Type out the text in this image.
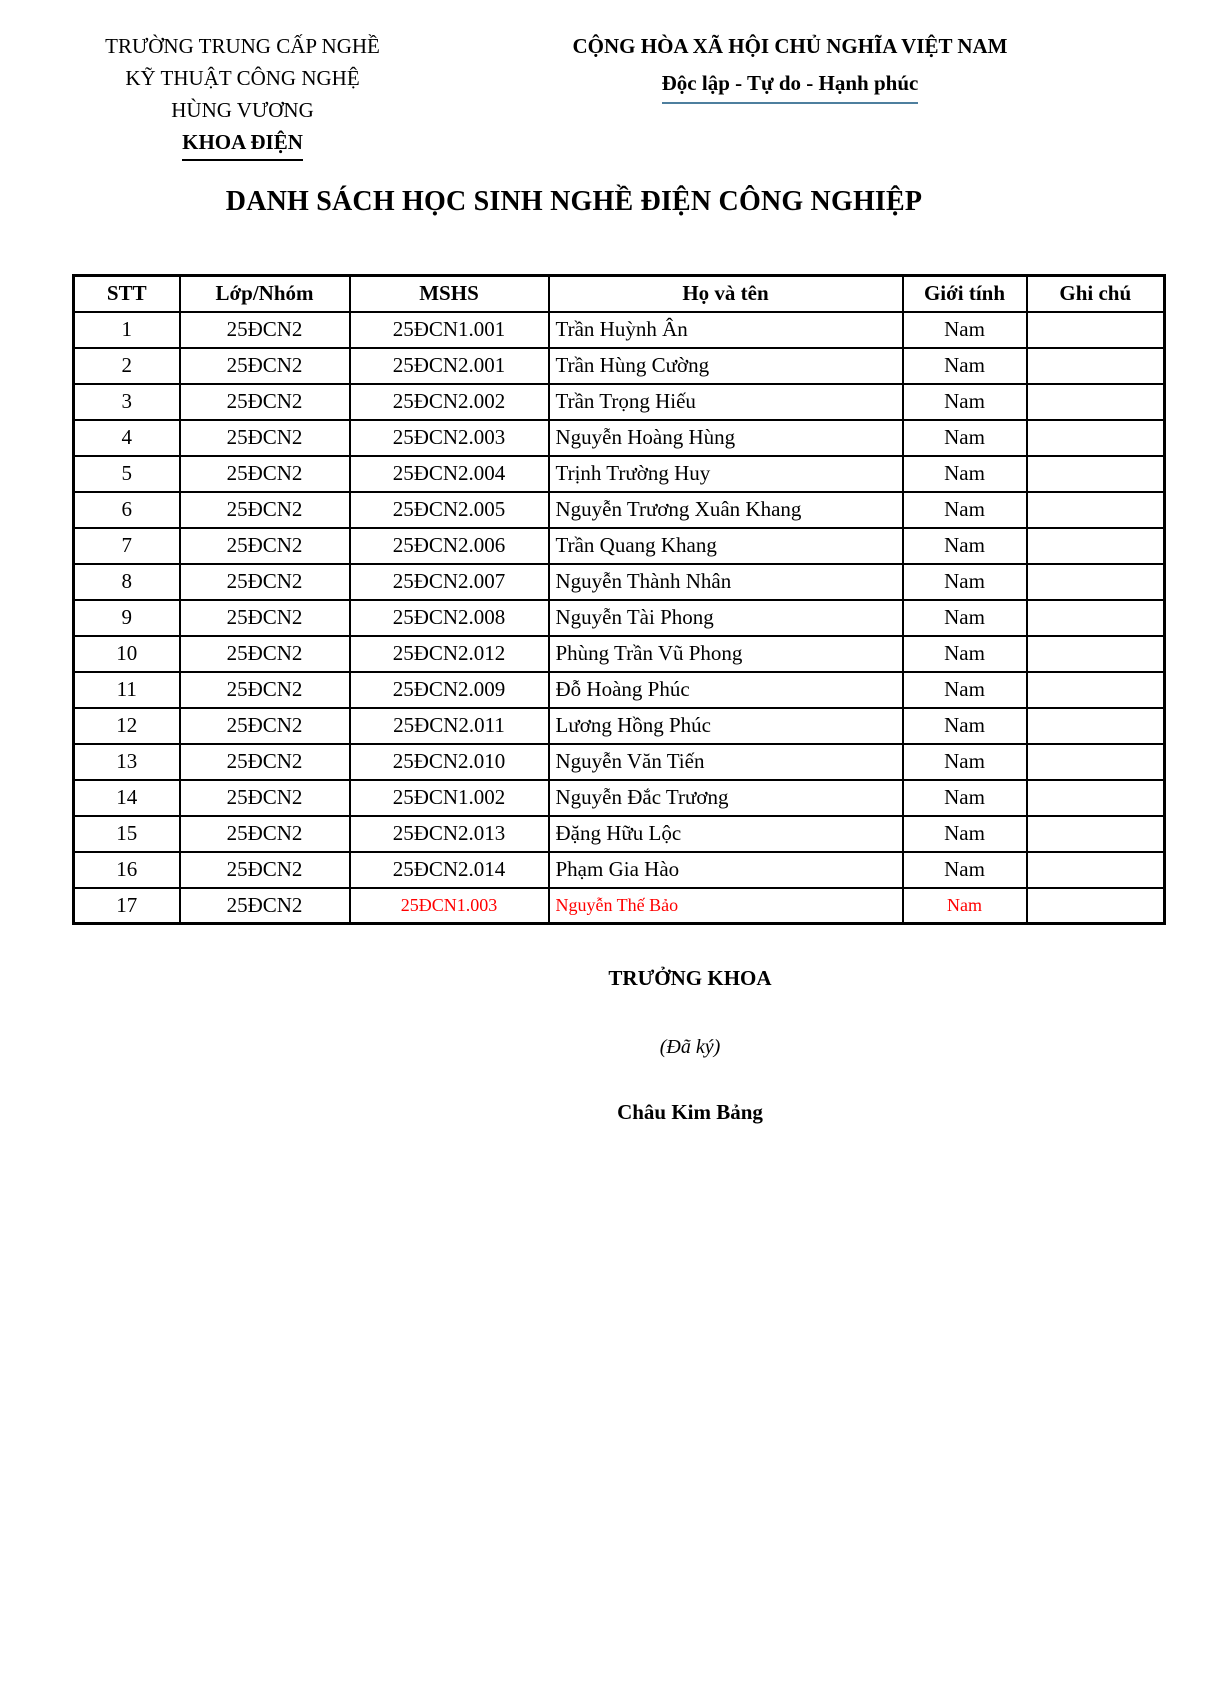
TRƯỜNG TRUNG CẤP NGHỀ
KỸ THUẬT CÔNG NGHỆ
HÙNG VƯƠNG
KHOA ĐIỆN
CỘNG HÒA XÃ HỘI CHỦ NGHĨA VIỆT NAM
Độc lập - Tự do - Hạnh phúc
DANH SÁCH HỌC SINH NGHỀ ĐIỆN CÔNG NGHIỆP
STT	Lớp/Nhóm	MSHS	Họ và tên	Giới tính	Ghi chú
1	25ĐCN2	25ĐCN1.001	Trần Huỳnh Ân	Nam	
2	25ĐCN2	25ĐCN2.001	Trần Hùng Cường	Nam	
3	25ĐCN2	25ĐCN2.002	Trần Trọng Hiếu	Nam	
4	25ĐCN2	25ĐCN2.003	Nguyễn Hoàng Hùng	Nam	
5	25ĐCN2	25ĐCN2.004	Trịnh Trường Huy	Nam	
6	25ĐCN2	25ĐCN2.005	Nguyễn Trương Xuân Khang	Nam	
7	25ĐCN2	25ĐCN2.006	Trần Quang Khang	Nam	
8	25ĐCN2	25ĐCN2.007	Nguyễn Thành Nhân	Nam	
9	25ĐCN2	25ĐCN2.008	Nguyễn Tài Phong	Nam	
10	25ĐCN2	25ĐCN2.012	Phùng Trần Vũ Phong	Nam	
11	25ĐCN2	25ĐCN2.009	Đỗ Hoàng Phúc	Nam	
12	25ĐCN2	25ĐCN2.011	Lương Hồng Phúc	Nam	
13	25ĐCN2	25ĐCN2.010	Nguyễn Văn Tiến	Nam	
14	25ĐCN2	25ĐCN1.002	Nguyễn Đắc Trương	Nam	
15	25ĐCN2	25ĐCN2.013	Đặng Hữu Lộc	Nam	
16	25ĐCN2	25ĐCN2.014	Phạm Gia Hào	Nam	
17	25ĐCN2	25ĐCN1.003	Nguyễn Thế Bảo	Nam	
TRƯỞNG KHOA
(Đã ký)
Châu Kim Bảng
